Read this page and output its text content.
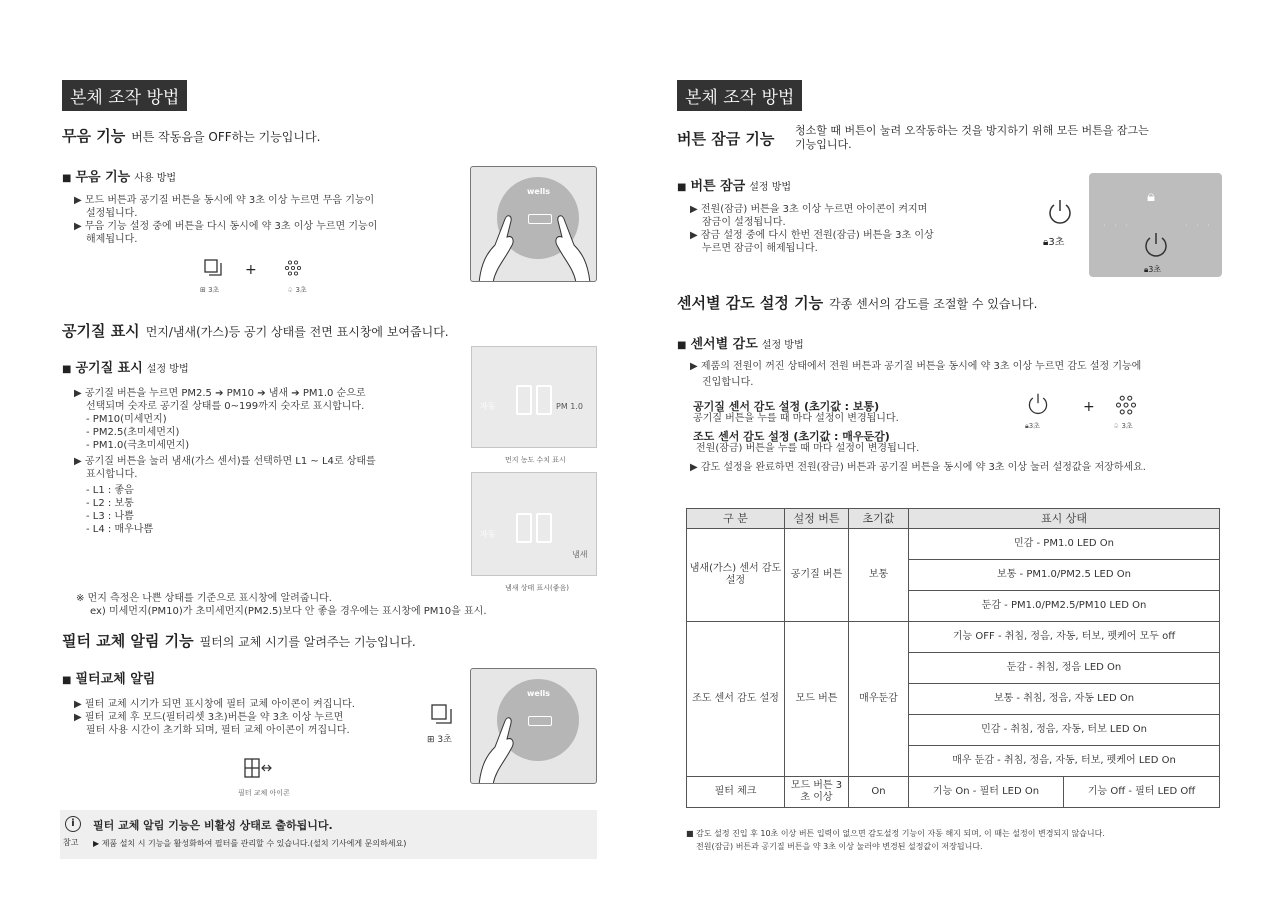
본체 조작 방법
무음 기능 버튼 작동음을 OFF하는 기능입니다.
■ 무음 기능 사용 방법
▶ 모드 버튼과 공기질 버튼을 동시에 약 3초 이상 누르면 무음 기능이
설정됩니다.
▶ 무음 기능 설정 중에 버튼을 다시 동시에 약 3초 이상 누르면 기능이
해제됩니다.
+
⊞ 3초	♤ 3초
wells
공기질 표시 먼지/냄새(가스)등 공기 상태를 전면 표시창에 보여줍니다.
■ 공기질 표시 설정 방법
▶ 공기질 버튼을 누르면 PM2.5 ➔ PM10 ➔ 냄새 ➔ PM1.0 순으로
선택되며 숫자로 공기질 상태를 0~199까지 숫자로 표시합니다.
- PM10(미세먼지)
- PM2.5(초미세먼지)
- PM1.0(극초미세먼지)
▶ 공기질 버튼을 눌러 냄새(가스 센서)를 선택하면 L1 ~ L4로 상태를
표시합니다.
- L1 : 좋음
- L2 : 보통
- L3 : 나쁨
- L4 : 매우나쁨
자동	PM 1.0
먼지 농도 수치 표시
자동
냄새
냄새 상태 표시(좋음)
※ 먼지 측정은 나쁜 상태를 기준으로 표시창에 알려줍니다.
ex) 미세먼지(PM10)가 초미세먼지(PM2.5)보다 안 좋을 경우에는 표시창에 PM10을 표시.
필터 교체 알림 기능 필터의 교체 시기를 알려주는 기능입니다.
■ 필터교체 알림
▶ 필터 교체 시기가 되면 표시창에 필터 교체 아이콘이 켜집니다.
▶ 필터 교체 후 모드(필터리셋 3초)버튼을 약 3초 이상 누르면
필터 사용 시간이 초기화 되며, 필터 교체 아이콘이 꺼집니다.
⊞ 3초
wells
필터 교체 아이콘
i
참고
필터 교체 알림 기능은 비활성 상태로 출하됩니다.
▶ 제품 설치 시 기능을 활성화하여 필터를 관리할 수 있습니다.(설치 기사에게 문의하세요)
본체 조작 방법
버튼 잠금 기능 청소할 때 버튼이 눌려 오작동하는 것을 방지하기 위해 모든 버튼을 잠그는
기능입니다.
■ 버튼 잠금 설정 방법
▶ 전원(잠금) 버튼을 3초 이상 누르면 아이콘이 켜지며
잠금이 설정됩니다.
▶ 잠금 설정 중에 다시 한번 전원(잠금) 버튼을 3초 이상
누르면 잠금이 해제됩니다.
🔒︎3초
🔒︎
· · ·	· · ·
🔒︎3초
센서별 감도 설정 기능 각종 센서의 감도를 조절할 수 있습니다.
■ 센서별 감도 설정 방법
▶ 제품의 전원이 꺼진 상태에서 전원 버튼과 공기질 버튼을 동시에 약 3초 이상 누르면 감도 설정 기능에
진입합니다.
공기질 센서 감도 설정 (초기값 : 보통)
공기질 버튼을 누를 때 마다 설정이 변경됩니다.
조도 센서 감도 설정 (초기값 : 매우둔감)
전원(잠금) 버튼을 누를 때 마다 설정이 변경됩니다.
▶ 감도 설정을 완료하면 전원(잠금) 버튼과 공기질 버튼을 동시에 약 3초 이상 눌러 설정값을 저장하세요.
🔒︎3초
+
♤ 3초
구 분	설정 버튼	초기값	표시 상태	
냄새(가스) 센서 감도 설정	공기질 버튼	보통	민감 - PM1.0 LED On	
			보통 - PM1.0/PM2.5 LED On	
			둔감 - PM1.0/PM2.5/PM10 LED On	
조도 센서 감도 설정	모드 버튼	매우둔감	기능 OFF - 취침, 정음, 자동, 터보, 펫케어 모두 off	
			둔감 - 취침, 정음 LED On	
			보통 - 취침, 정음, 자동 LED On	
			민감 - 취침, 정음, 자동, 터보 LED On	
			매우 둔감 - 취침, 정음, 자동, 터보, 펫케어 LED On	
필터 체크	모드 버튼 3초 이상	On	기능 On - 필터 LED On	기능 Off - 필터 LED Off
■ 감도 설정 진입 후 10초 이상 버튼 입력이 없으면 감도설정 기능이 자동 해지 되며, 이 때는 설정이 변경되지 않습니다.
전원(잠금) 버튼과 공기질 버튼을 약 3초 이상 눌러야 변경된 설정값이 저장됩니다.
